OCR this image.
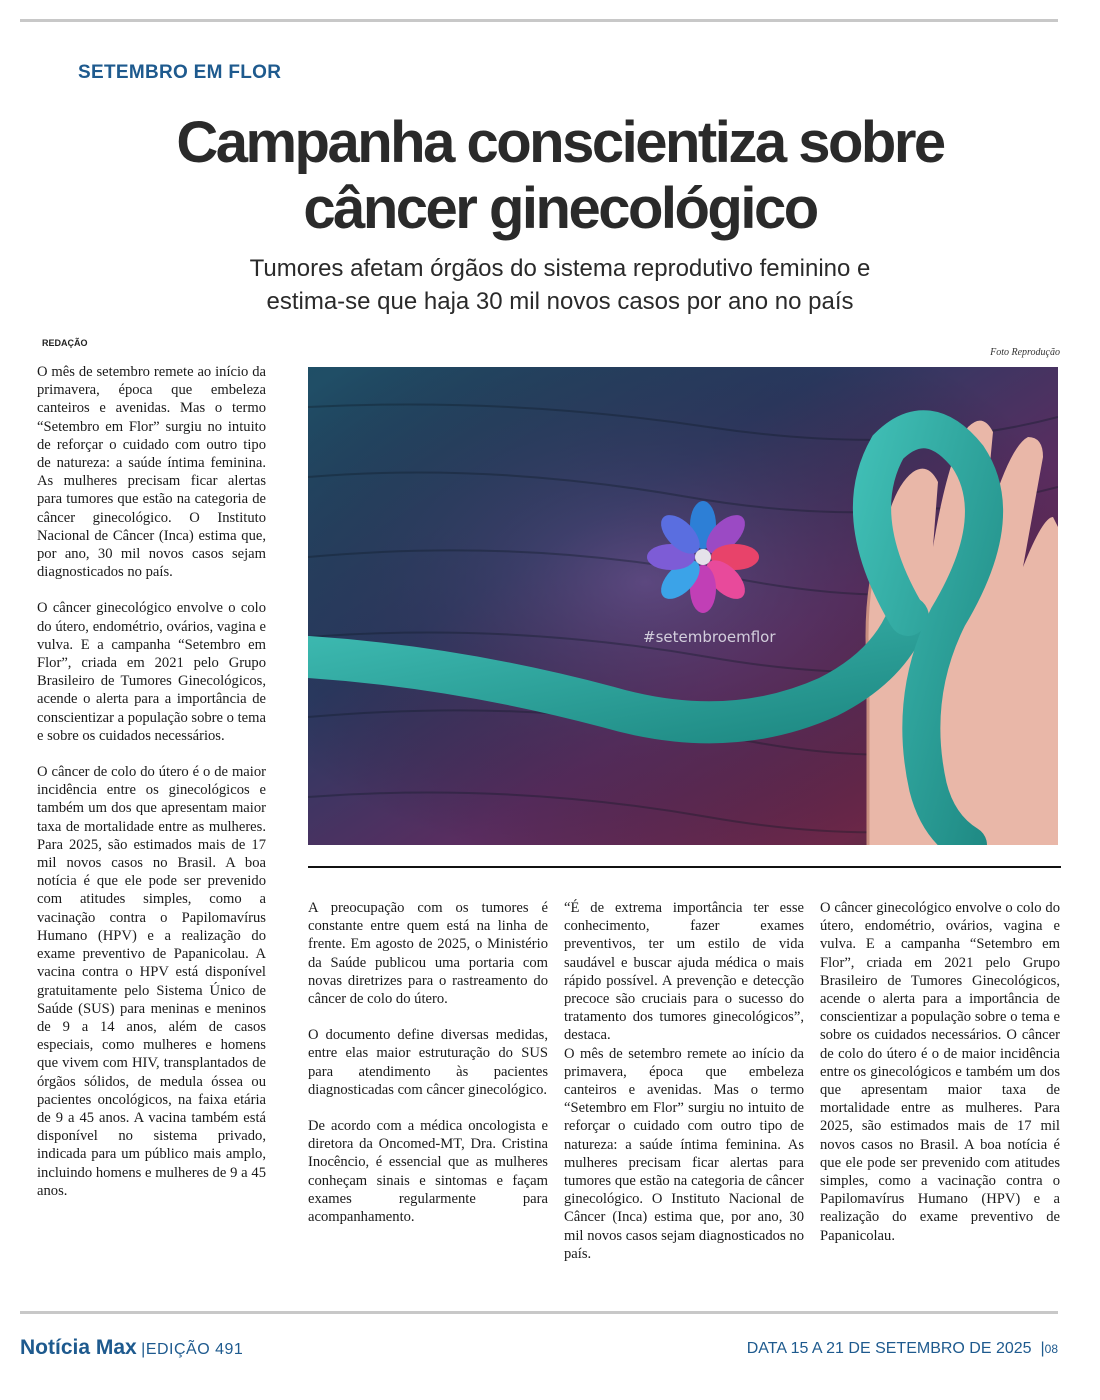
SETEMBRO EM FLOR
Campanha conscientiza sobre
câncer ginecológico
Tumores afetam órgãos do sistema reprodutivo feminino e
estima-se que haja 30 mil novos casos por ano no país
REDAÇÃO
Foto Reprodução

O mês de setembro remete ao início da primavera, época que embeleza canteiros e avenidas. Mas o termo “Setembro em Flor” surgiu no intuito de reforçar o cuidado com outro tipo de natureza: a saúde íntima feminina. As mulheres precisam ficar alertas para tumores que estão na categoria de câncer ginecológico. O Instituto Nacional de Câncer (Inca) estima que, por ano, 30 mil novos casos sejam diagnosticados no país.

O câncer ginecológico envolve o colo do útero, endométrio, ovários, vagina e vulva. E a campanha “Setembro em Flor”, criada em 2021 pelo Grupo Brasileiro de Tumores Ginecológicos, acende o alerta para a importância de conscientizar a população sobre o tema e sobre os cuidados necessários.

O câncer de colo do útero é o de maior incidência entre os ginecológicos e também um dos que apresentam maior taxa de mortalidade entre as mulheres. Para 2025, são estimados mais de 17 mil novos casos no Brasil. A boa notícia é que ele pode ser prevenido com atitudes simples, como a vacinação contra o Papilomavírus Humano (HPV) e a realização do exame preventivo de Papanicolau. A vacina contra o HPV está disponível gratuitamente pelo Sistema Único de Saúde (SUS) para meninas e meninos de 9 a 14 anos, além de casos especiais, como mulheres e homens que vivem com HIV, transplantados de órgãos sólidos, de medula óssea ou pacientes oncológicos, na faixa etária de 9 a 45 anos. A vacina também está disponível no sistema privado, indicada para um público mais amplo, incluindo homens e mulheres de 9 a 45 anos.

#setembroemflor

A preocupação com os tumores é constante entre quem está na linha de frente. Em agosto de 2025, o Ministério da Saúde publicou uma portaria com novas diretrizes para o rastreamento do câncer de colo do útero.

O documento define diversas medidas, entre elas maior estruturação do SUS para atendimento às pacientes diagnosticadas com câncer ginecológico.

De acordo com a médica oncologista e diretora da Oncomed-MT, Dra. Cristina Inocêncio, é essencial que as mulheres conheçam sinais e sintomas e façam exames regularmente para acompanhamento.

“É de extrema importância ter esse conhecimento, fazer exames preventivos, ter um estilo de vida saudável e buscar ajuda médica o mais rápido possível. A prevenção e detecção precoce são cruciais para o sucesso do tratamento dos tumores ginecológicos”, destaca.

O mês de setembro remete ao início da primavera, época que embeleza canteiros e avenidas. Mas o termo “Setembro em Flor” surgiu no intuito de reforçar o cuidado com outro tipo de natureza: a saúde íntima feminina. As mulheres precisam ficar alertas para tumores que estão na categoria de câncer ginecológico. O Instituto Nacional de Câncer (Inca) estima que, por ano, 30 mil novos casos sejam diagnosticados no país.

O câncer ginecológico envolve o colo do útero, endométrio, ovários, vagina e vulva. E a campanha “Setembro em Flor”, criada em 2021 pelo Grupo Brasileiro de Tumores Ginecológicos, acende o alerta para a importância de conscientizar a população sobre o tema e sobre os cuidados necessários. O câncer de colo do útero é o de maior incidência entre os ginecológicos e também um dos que apresentam maior taxa de mortalidade entre as mulheres. Para 2025, são estimados mais de 17 mil novos casos no Brasil. A boa notícia é que ele pode ser prevenido com atitudes simples, como a vacinação contra o Papilomavírus Humano (HPV) e a realização do exame preventivo de Papanicolau.

Notícia Max |EDIÇÃO 491	DATA 15 A 21 DE SETEMBRO DE 2025  |08
